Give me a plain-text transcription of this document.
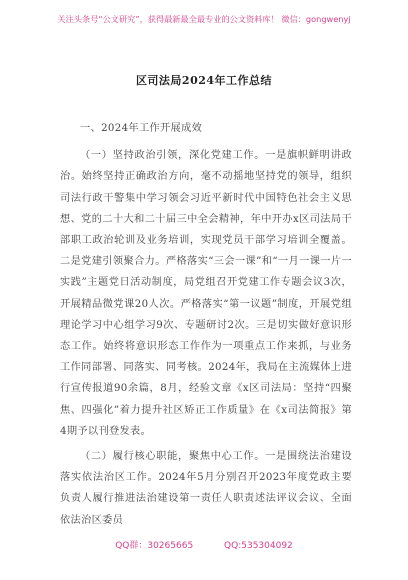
关注头条号“公文研究”，获得最新最全最专业的公文资料库！ 微信：gongwenyj
区司法局2024年工作总结

一、2024年工作开展成效

（一）坚持政治引领，深化党建工作。一是旗帜鲜明讲政治。始终坚持正确政治方向，毫不动摇地坚持党的领导，组织司法行政干警集中学习领会习近平新时代中国特色社会主义思想、党的二十大和二十届三中全会精神，年中开办x区司法局干部职工政治轮训及业务培训，实现党员干部学习培训全覆盖。二是党建引领聚合力。严格落实“三会一课”和“一月一课一片一实践”主题党日活动制度，局党组召开党建工作专题会议3次，开展精品微党课20人次。严格落实“第一议题”制度，开展党组理论学习中心组学习9次、专题研讨2次。三是切实做好意识形态工作。始终将意识形态工作作为一项重点工作来抓，与业务工作同部署、同落实、同考核。2024年，我局在主流媒体上进行宣传报道90余篇，8月，经验文章《x区司法局：坚持“四聚焦、四强化”着力提升社区矫正工作质量》在《x司法简报》第4期予以刊登发表。

（二）履行核心职能，聚焦中心工作。一是围绕法治建设落实依法治区工作。2024年5月分别召开2023年度党政主要负责人履行推进法治建设第一责任人职责述法评议会议、全面依法治区委员

QQ群：30265665	QQ:535304092
